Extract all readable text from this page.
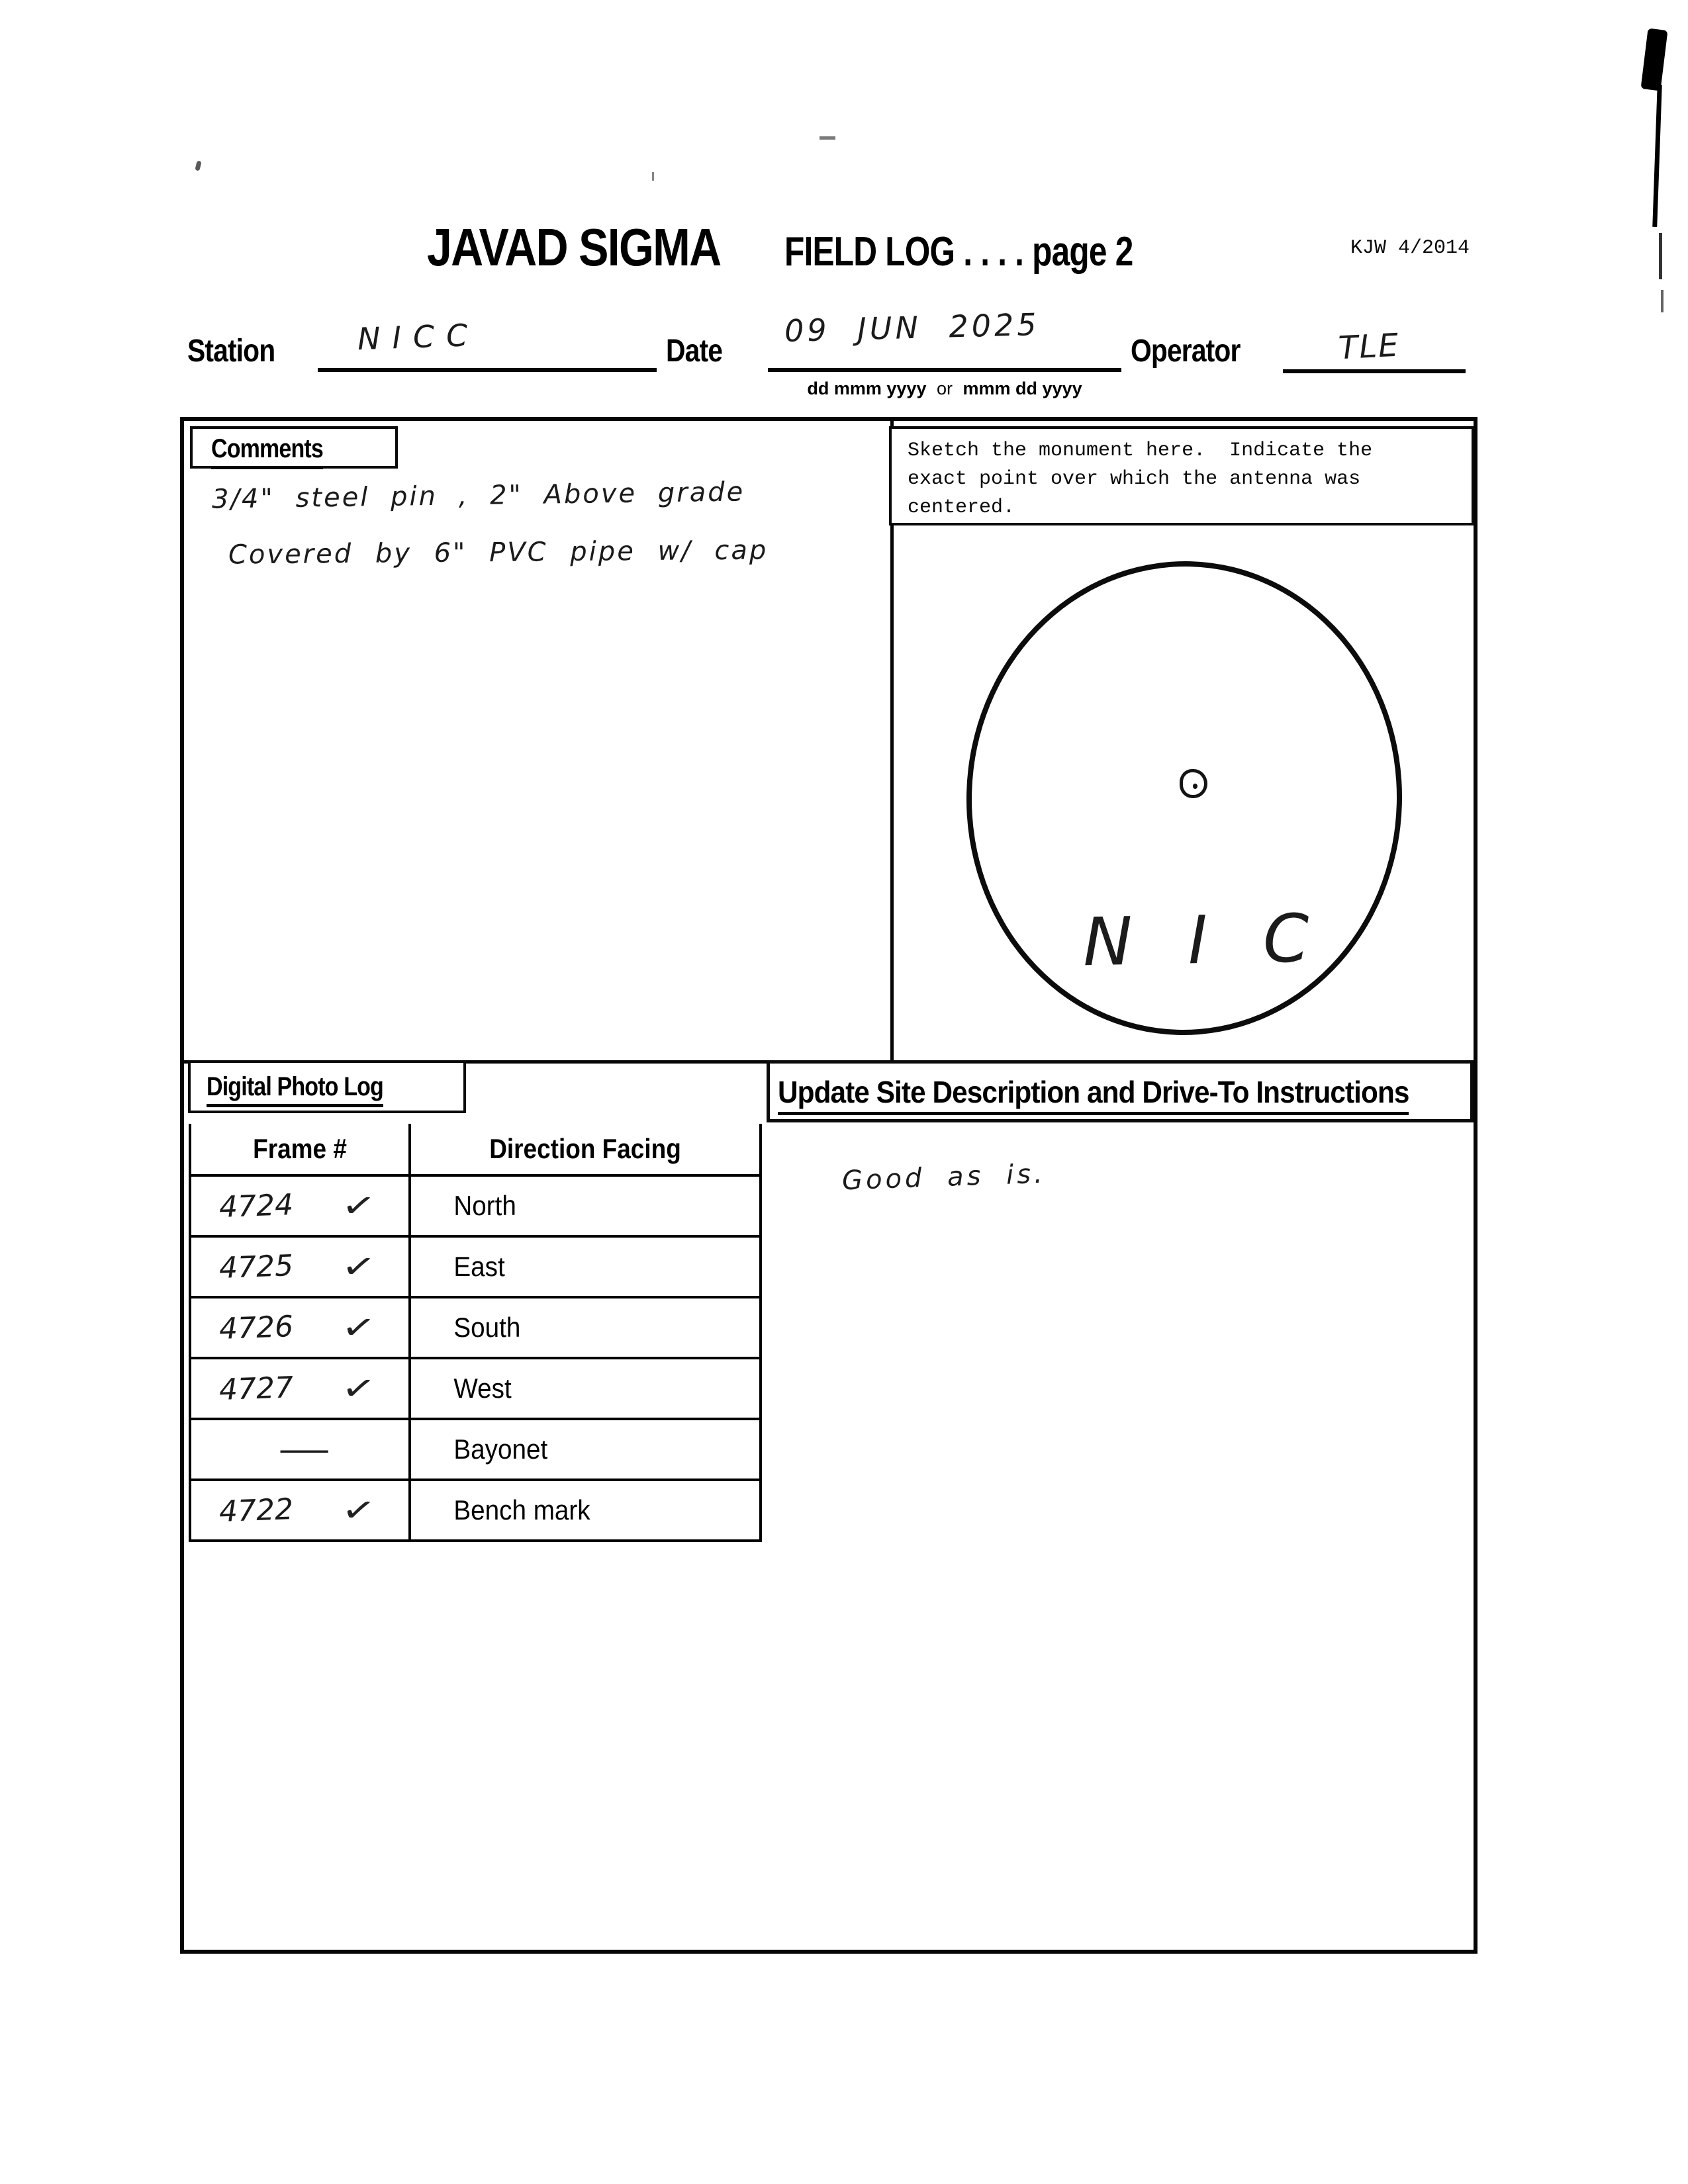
JAVAD SIGMA FIELD LOG . . . . page 2	KJW 4/2014
Station	NICC	Date
09 JUN 2025
dd mmm yyyy or mmm dd yyyy
Operator	TLE
Comments
3/4" steel pin , 2" Above grade
Covered by 6" PVC pipe w/ cap
Sketch the monument here.  Indicate the
exact point over which the antenna was
centered.
N I C
Digital Photo Log
Frame #	Direction Facing
4724 ✓	North
4725 ✓	East
4726 ✓	South
4727 ✓	West
—	Bayonet
4722 ✓	Bench mark
Update Site Description and Drive-To Instructions
Good as is.
